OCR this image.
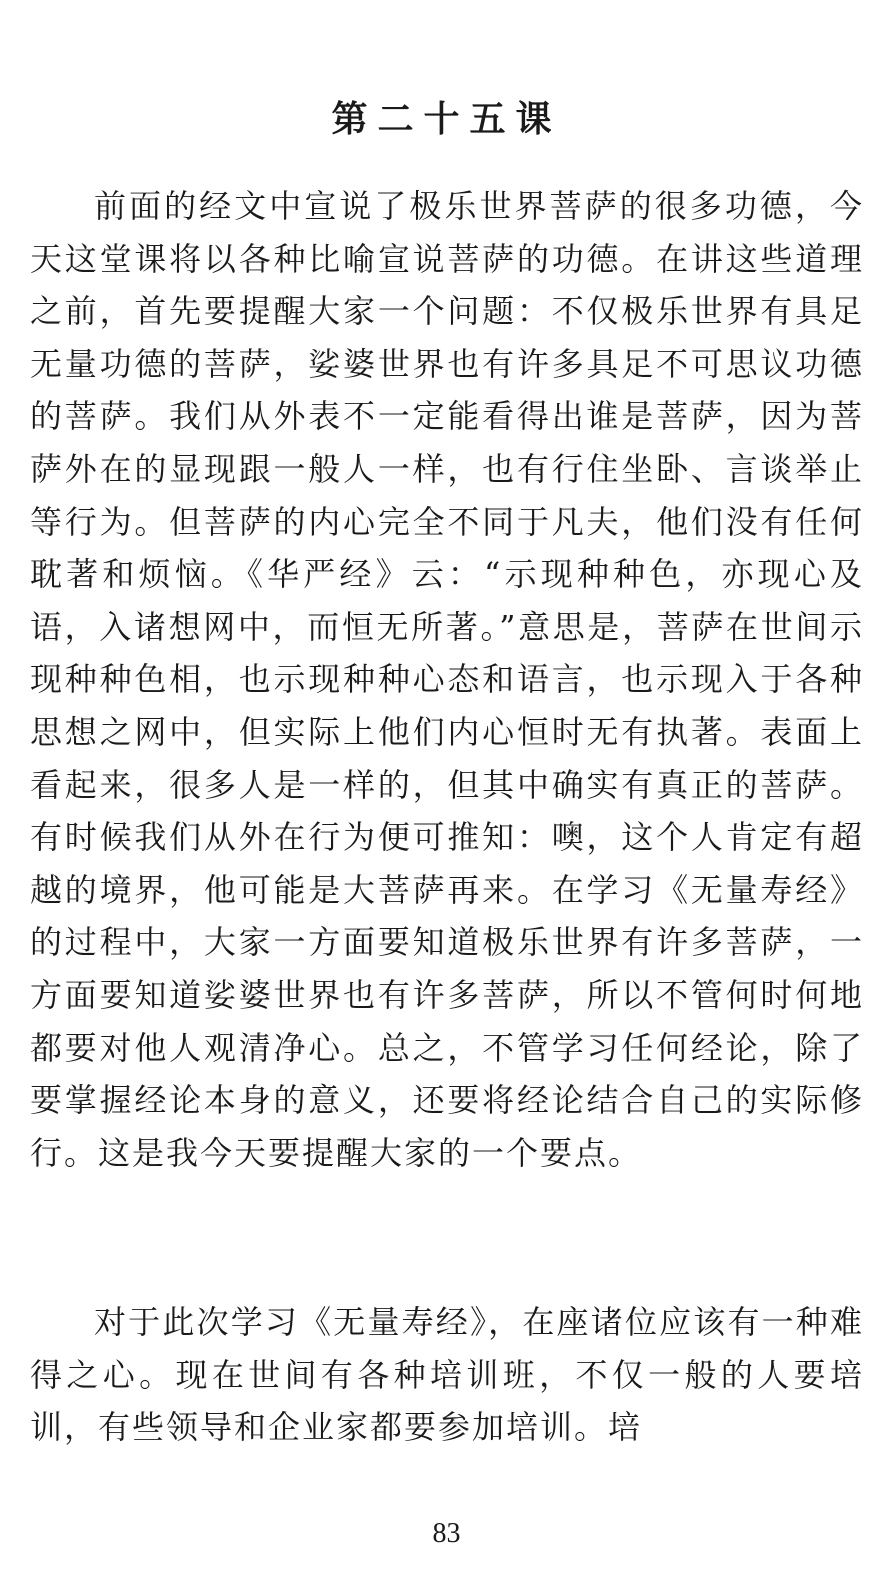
第二十五课

前面的经文中宣说了极乐世界菩萨的很多功德，今天这堂课将以各种比喻宣说菩萨的功德。在讲这些道理之前，首先要提醒大家一个问题：不仅极乐世界有具足无量功德的菩萨，娑婆世界也有许多具足不可思议功德的菩萨。我们从外表不一定能看得出谁是菩萨，因为菩萨外在的显现跟一般人一样，也有行住坐卧、言谈举止等行为。但菩萨的内心完全不同于凡夫，他们没有任何耽著和烦恼。《华严经》云：“示现种种色，亦现心及语，入诸想网中，而恒无所著。”意思是，菩萨在世间示现种种色相，也示现种种心态和语言，也示现入于各种思想之网中，但实际上他们内心恒时无有执著。表面上看起来，很多人是一样的，但其中确实有真正的菩萨。有时候我们从外在行为便可推知：噢，这个人肯定有超越的境界，他可能是大菩萨再来。在学习《无量寿经》的过程中，大家一方面要知道极乐世界有许多菩萨，一方面要知道娑婆世界也有许多菩萨，所以不管何时何地都要对他人观清净心。总之，不管学习任何经论，除了要掌握经论本身的意义，还要将经论结合自己的实际修行。这是我今天要提醒大家的一个要点。

对于此次学习《无量寿经》，在座诸位应该有一种难得之心。现在世间有各种培训班，不仅一般的人要培训，有些领导和企业家都要参加培训。培

83
